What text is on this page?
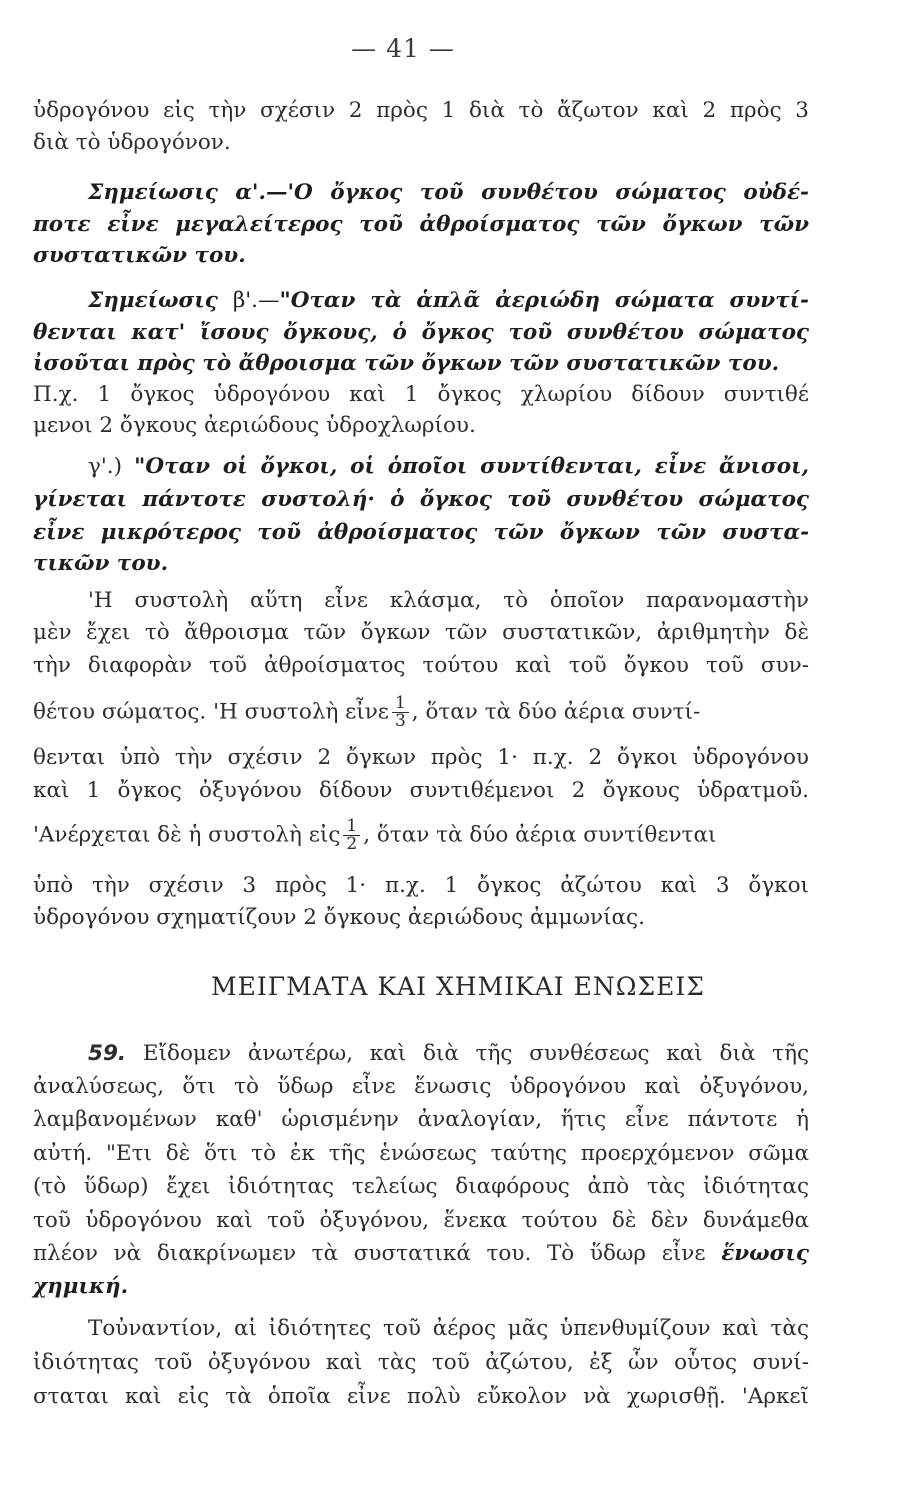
— 41 —
ὑδρογόνου εἰς τὴν σχέσιν 2 πρὸς 1 διὰ τὸ ἄζωτον καὶ 2 πρὸς 3
διὰ τὸ ὑδρογόνον.
Σημείωσις α'.—'Ο ὄγκος τοῦ συνθέτου σώματος οὐδέ-
ποτε εἶνε μεγαλείτερος τοῦ ἀθροίσματος τῶν ὄγκων τῶν
συστατικῶν του.
Σημείωσις β'.—"Οταν τὰ ἁπλᾶ ἀεριώδη σώματα συντί-
θενται κατ' ἴσους ὄγκους, ὁ ὄγκος τοῦ συνθέτου σώματος
ἰσοῦται πρὸς τὸ ἄθροισμα τῶν ὄγκων τῶν συστατικῶν του.
Π.χ. 1 ὄγκος ὑδρογόνου καὶ 1 ὄγκος χλωρίου δίδουν συντιθέ
μενοι 2 ὄγκους ἀεριώδους ὑδροχλωρίου.
γ'.) "Οταν οἱ ὄγκοι, οἱ ὁποῖοι συντίθενται, εἶνε ἄνισοι,
γίνεται πάντοτε συστολή· ὁ ὄγκος τοῦ συνθέτου σώματος
εἶνε μικρότερος τοῦ ἀθροίσματος τῶν ὄγκων τῶν συστα-
τικῶν του.
'Η συστολὴ αὕτη εἶνε κλάσμα, τὸ ὁποῖον παρανομαστὴν
μὲν ἔχει τὸ ἄθροισμα τῶν ὄγκων τῶν συστατικῶν, ἀριθμητὴν δὲ
τὴν διαφορὰν τοῦ ἀθροίσματος τούτου καὶ τοῦ ὄγκου τοῦ συν-
θέτου σώματος. 'Η συστολὴ εἶνε $\frac{1}{3}$ , ὅταν τὰ δύο ἀέρια συντί-
θενται ὑπὸ τὴν σχέσιν 2 ὄγκων πρὸς 1· π.χ. 2 ὄγκοι ὑδρογόνου
καὶ 1 ὄγκος ὀξυγόνου δίδουν συντιθέμενοι 2 ὄγκους ὑδρατμοῦ.
'Ανέρχεται δὲ ἡ συστολὴ εἰς $\frac{1}{2}$ , ὅταν τὰ δύο ἀέρια συντίθενται
ὑπὸ τὴν σχέσιν 3 πρὸς 1· π.χ. 1 ὄγκος ἀζώτου καὶ 3 ὄγκοι
ὑδρογόνου σχηματίζουν 2 ὄγκους ἀεριώδους ἀμμωνίας.
ΜΕΙΓΜΑΤΑ ΚΑΙ ΧΗΜΙΚΑΙ ΕΝΩΣΕΙΣ
59. Εἴδομεν ἀνωτέρω, καὶ διὰ τῆς συνθέσεως καὶ διὰ τῆς
ἀναλύσεως, ὅτι τὸ ὕδωρ εἶνε ἕνωσις ὑδρογόνου καὶ ὀξυγόνου,
λαμβανομένων καθ' ὡρισμένην ἀναλογίαν, ἥτις εἶνε πάντοτε ἡ
αὐτή. "Ετι δὲ ὅτι τὸ ἐκ τῆς ἑνώσεως ταύτης προερχόμενον σῶμα
(τὸ ὕδωρ) ἔχει ἰδιότητας τελείως διαφόρους ἀπὸ τὰς ἰδιότητας
τοῦ ὑδρογόνου καὶ τοῦ ὀξυγόνου, ἕνεκα τούτου δὲ δὲν δυνάμεθα
πλέον νὰ διακρίνωμεν τὰ συστατικά του. Τὸ ὕδωρ εἶνε ἕνωσις
χημική.
Τοὐναντίον, αἱ ἰδιότητες τοῦ ἀέρος μᾶς ὑπενθυμίζουν καὶ τὰς
ἰδιότητας τοῦ ὀξυγόνου καὶ τὰς τοῦ ἀζώτου, ἐξ ὧν οὗτος συνί-
σταται καὶ εἰς τὰ ὁποῖα εἶνε πολὺ εὔκολον νὰ χωρισθῇ. 'Αρκεῖ
